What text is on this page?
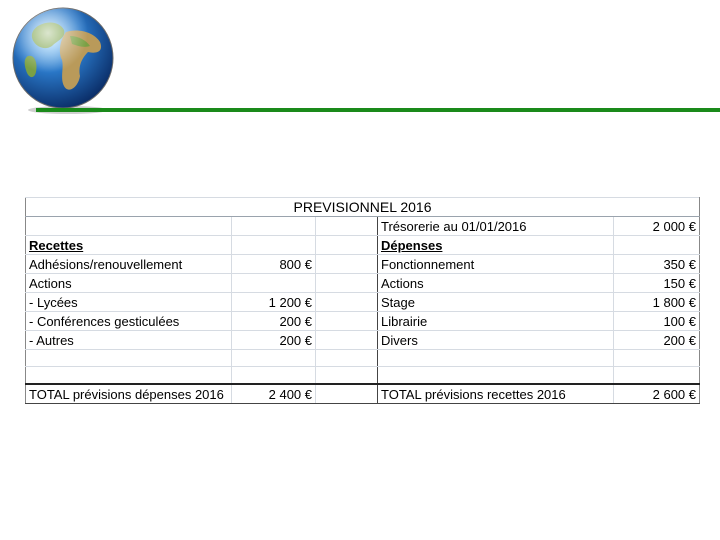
PREVISIONNEL 2016				
			Trésorerie au 01/01/2016	2 000 €
Recettes			Dépenses	
Adhésions/renouvellement	800 €		Fonctionnement	350 €
Actions			Actions	150 €
- Lycées	1 200 €		Stage	1 800 €
- Conférences gesticulées	200 €		Librairie	100 €
- Autres	200 €		Divers	200 €

TOTAL prévisions dépenses 2016	2 400 €		TOTAL prévisions recettes 2016	2 600 €
